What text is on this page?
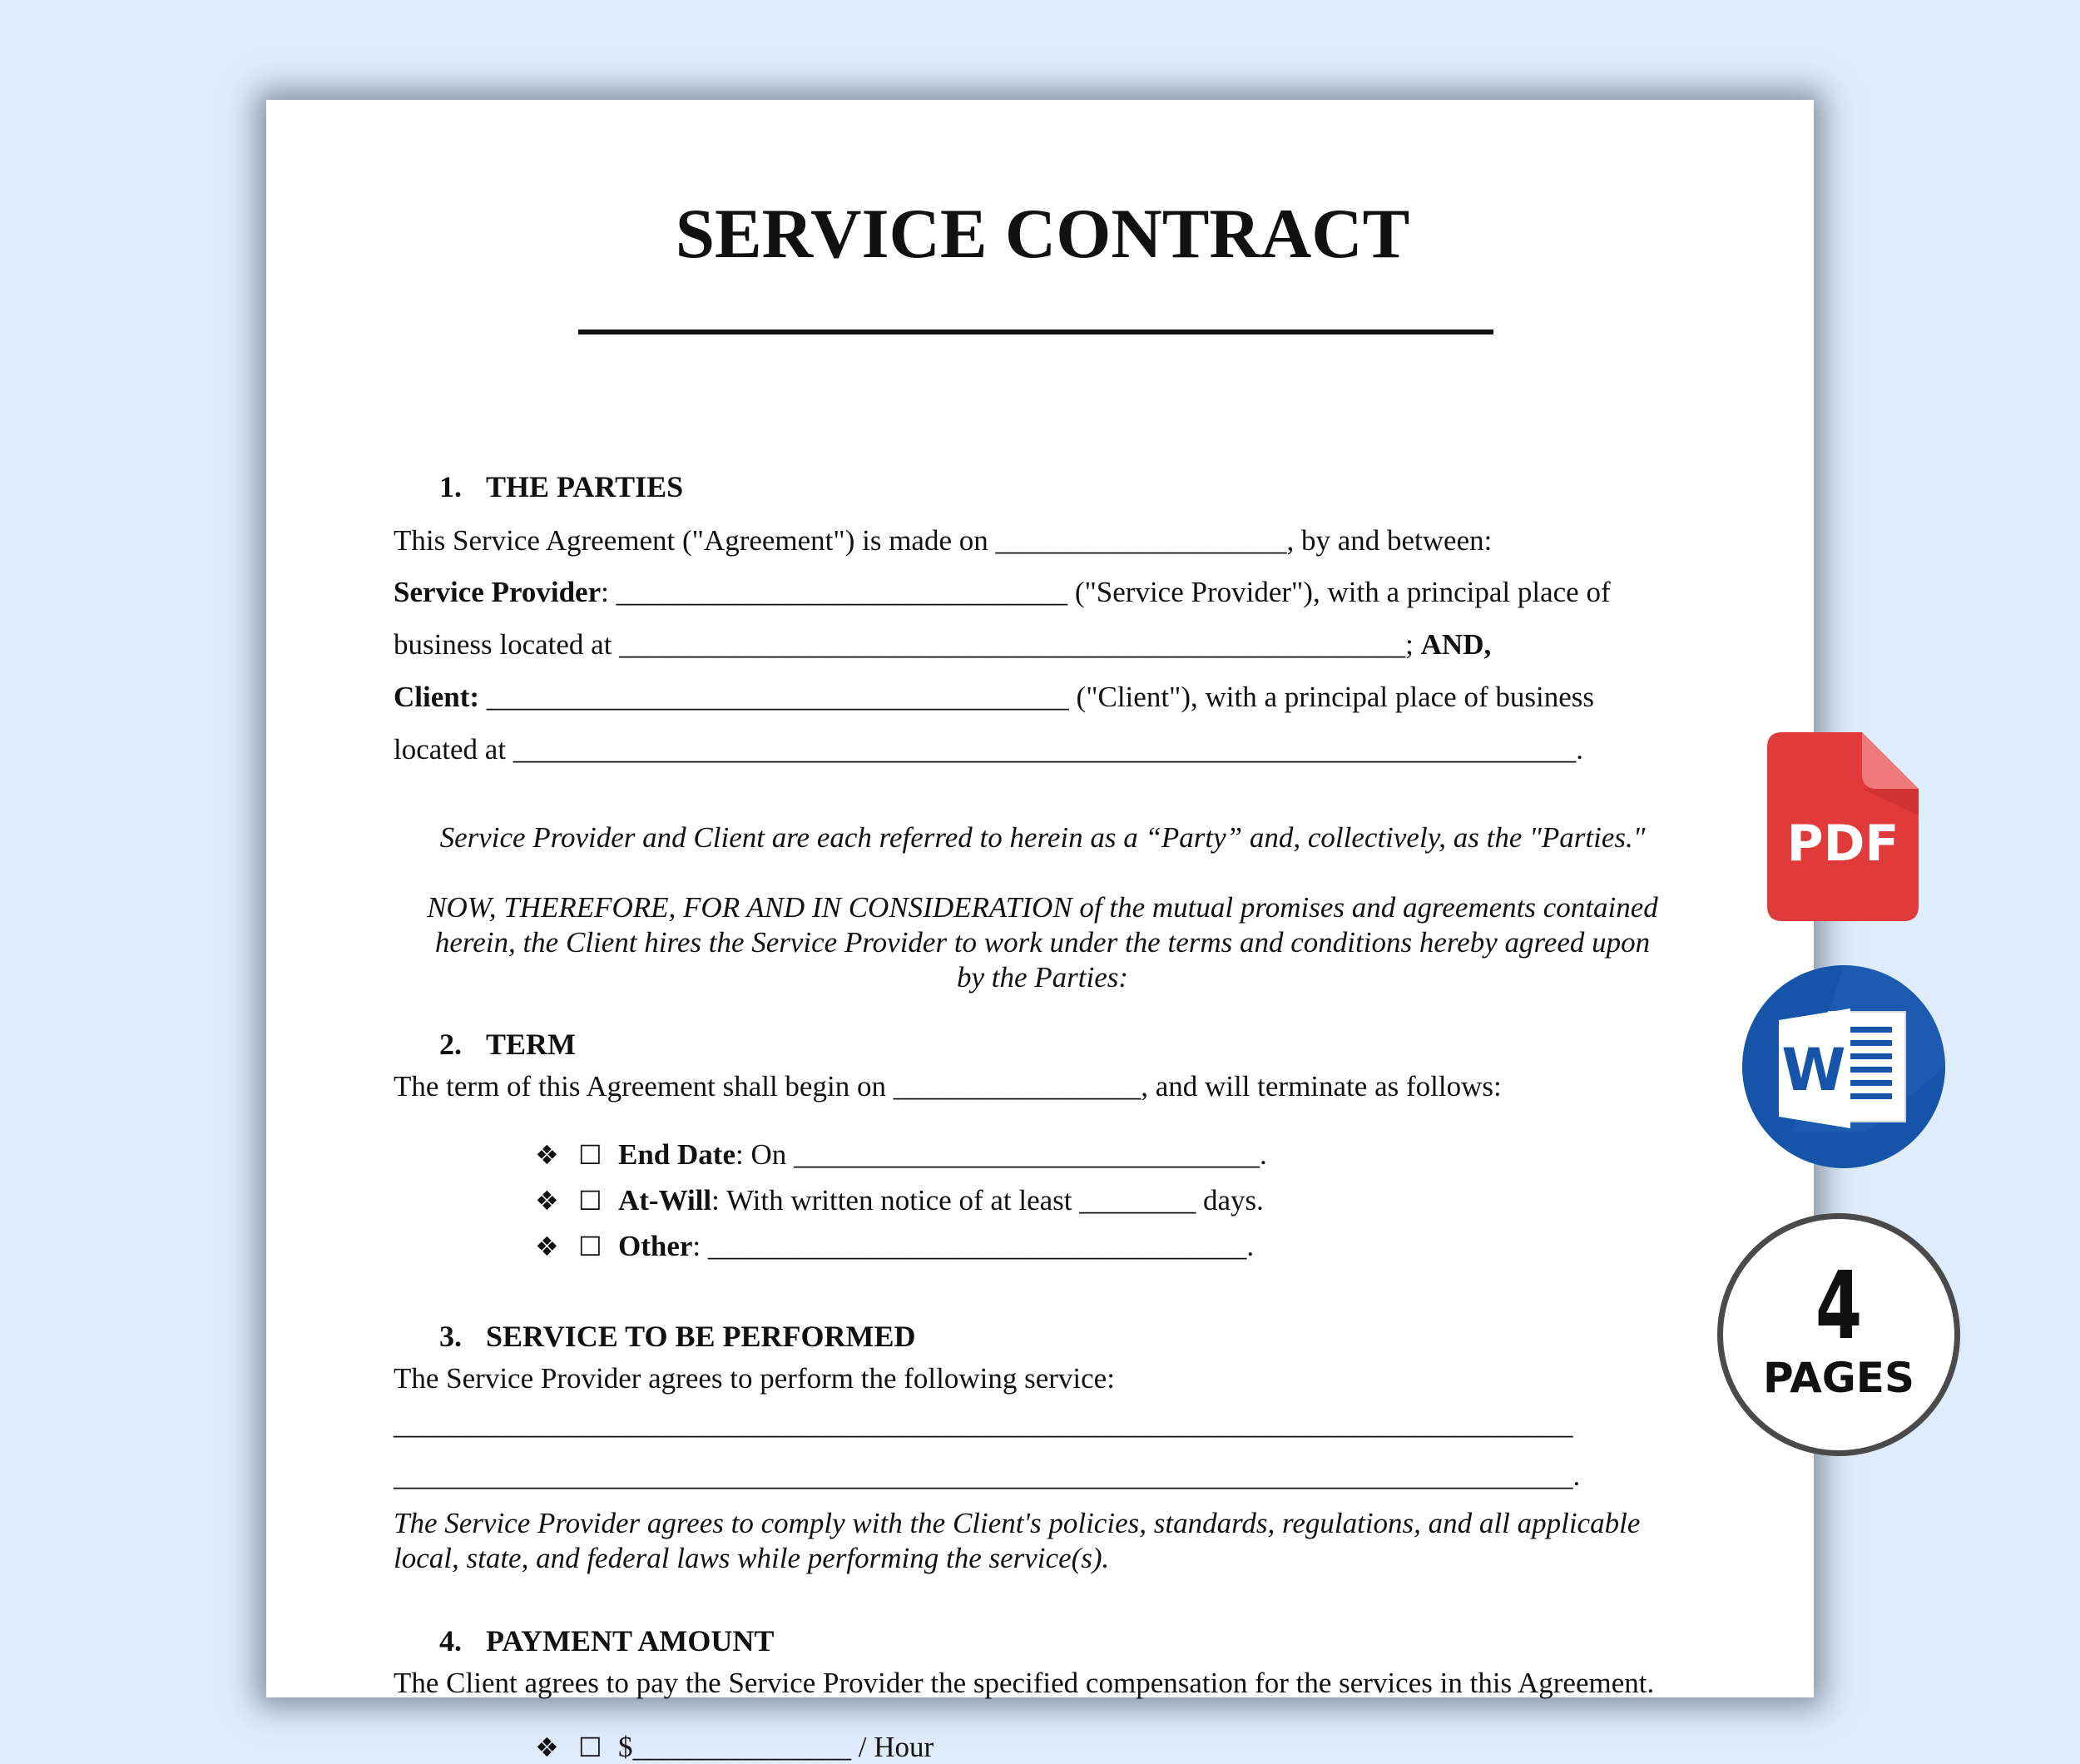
SERVICE CONTRACT
1. THE PARTIES
This Service Agreement ("Agreement") is made on ____________________, by and between:
Service Provider: _______________________________ ("Service Provider"), with a principal place of
business located at ______________________________________________________; AND,
Client: ________________________________________ ("Client"), with a principal place of business
located at _________________________________________________________________________.
Service Provider and Client are each referred to herein as a “Party” and, collectively, as the "Parties."
NOW, THEREFORE, FOR AND IN CONSIDERATION of the mutual promises and agreements contained
herein, the Client hires the Service Provider to work under the terms and conditions hereby agreed upon
by the Parties:
2. TERM
The term of this Agreement shall begin on _________________, and will terminate as follows:
❖ ☐ End Date: On ________________________________.
❖ ☐ At-Will: With written notice of at least ________ days.
❖ ☐ Other: _____________________________________.
3. SERVICE TO BE PERFORMED
The Service Provider agrees to perform the following service:
_________________________________________________________________________________
_________________________________________________________________________________.
The Service Provider agrees to comply with the Client's policies, standards, regulations, and all applicable
local, state, and federal laws while performing the service(s).
4. PAYMENT AMOUNT
The Client agrees to pay the Service Provider the specified compensation for the services in this Agreement.
❖ ☐ $_______________ / Hour
PDF
W
4
PAGES
